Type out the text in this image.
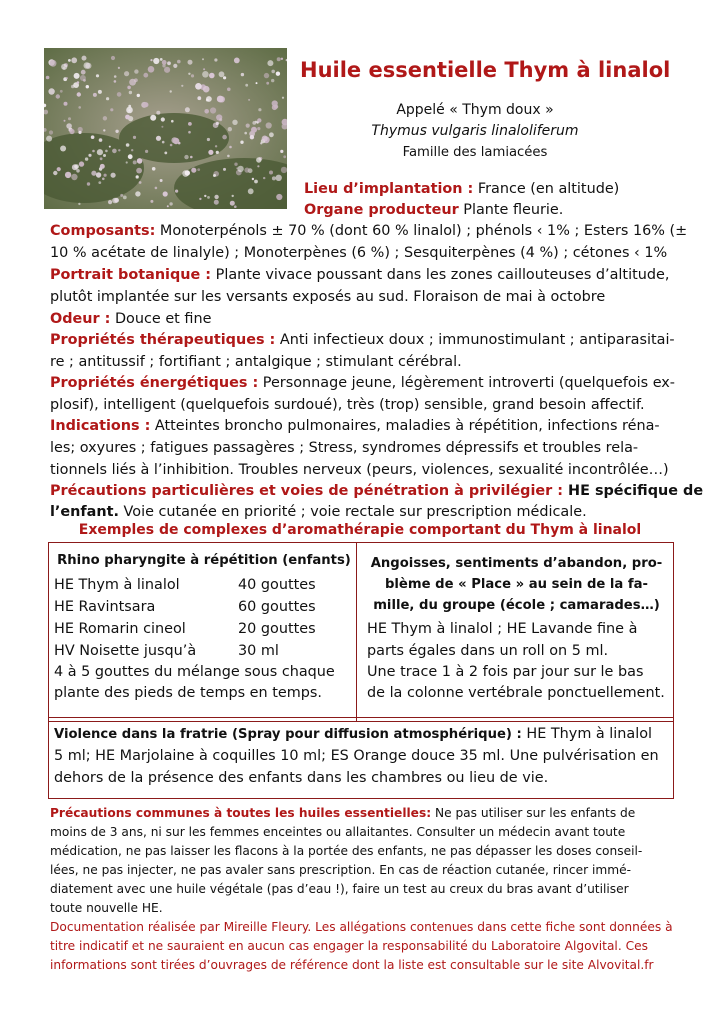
Huile essentielle Thym à linalol
Appelé « Thym doux »
Thymus vulgaris linaloliferum
Famille des lamiacées
Lieu d’implantation : France (en altitude)
Organe producteur Plante fleurie.
Composants: Monoterpénols ± 70 % (dont 60 % linalol) ; phénols ‹ 1% ; Esters 16% (±
10 % acétate de linalyle) ; Monoterpènes (6 %) ; Sesquiterpènes (4 %) ; cétones ‹ 1%
Portrait botanique : Plante vivace poussant dans les zones caillouteuses d’altitude,
plutôt implantée sur les versants exposés au sud. Floraison de mai à octobre
Odeur : Douce et fine
Propriétés thérapeutiques : Anti infectieux doux ; immunostimulant ; antiparasitai-
re ; antitussif ; fortifiant ; antalgique ; stimulant cérébral.
Propriétés énergétiques : Personnage jeune, légèrement introverti (quelquefois ex-
plosif), intelligent (quelquefois surdoué), très (trop) sensible, grand besoin affectif.
Indications : Atteintes broncho pulmonaires, maladies à répétition, infections réna-
les; oxyures ; fatigues passagères ; Stress, syndromes dépressifs et troubles rela-
tionnels liés à l’inhibition. Troubles nerveux (peurs, violences, sexualité incontrôlée…)
Précautions particulières et voies de pénétration à privilégier : HE spécifique de
l’enfant. Voie cutanée en priorité ; voie rectale sur prescription médicale.
Exemples de complexes d’aromathérapie comportant du Thym à linalol
Rhino pharyngite à répétition (enfants)
HE Thym à linalol	40 gouttes
HE Ravintsara	60 gouttes
HE Romarin cineol	20 gouttes
HV Noisette jusqu’à	30 ml
4 à 5 gouttes du mélange sous chaque
plante des pieds de temps en temps.
Angoisses, sentiments d’abandon, pro-
blème de « Place » au sein de la fa-
mille, du groupe (école ; camarades…)
HE Thym à linalol ; HE Lavande fine à
parts égales dans un roll on 5 ml.
Une trace 1 à 2 fois par jour sur le bas
de la colonne vertébrale ponctuellement.
Violence dans la fratrie (Spray pour diffusion atmosphérique) : HE Thym à linalol
5 ml; HE Marjolaine à coquilles 10 ml; ES Orange douce 35 ml. Une pulvérisation en
dehors de la présence des enfants dans les chambres ou lieu de vie.
Précautions communes à toutes les huiles essentielles: Ne pas utiliser sur les enfants de
moins de 3 ans, ni sur les femmes enceintes ou allaitantes. Consulter un médecin avant toute
médication, ne pas laisser les flacons à la portée des enfants, ne pas dépasser les doses conseil-
lées, ne pas injecter, ne pas avaler sans prescription. En cas de réaction cutanée, rincer immé-
diatement avec une huile végétale (pas d’eau !), faire un test au creux du bras avant d’utiliser
toute nouvelle HE.
Documentation réalisée par Mireille Fleury. Les allégations contenues dans cette fiche sont données à
titre indicatif et ne sauraient en aucun cas engager la responsabilité du Laboratoire Algovital. Ces
informations sont tirées d’ouvrages de référence dont la liste est consultable sur le site Alvovital.fr
